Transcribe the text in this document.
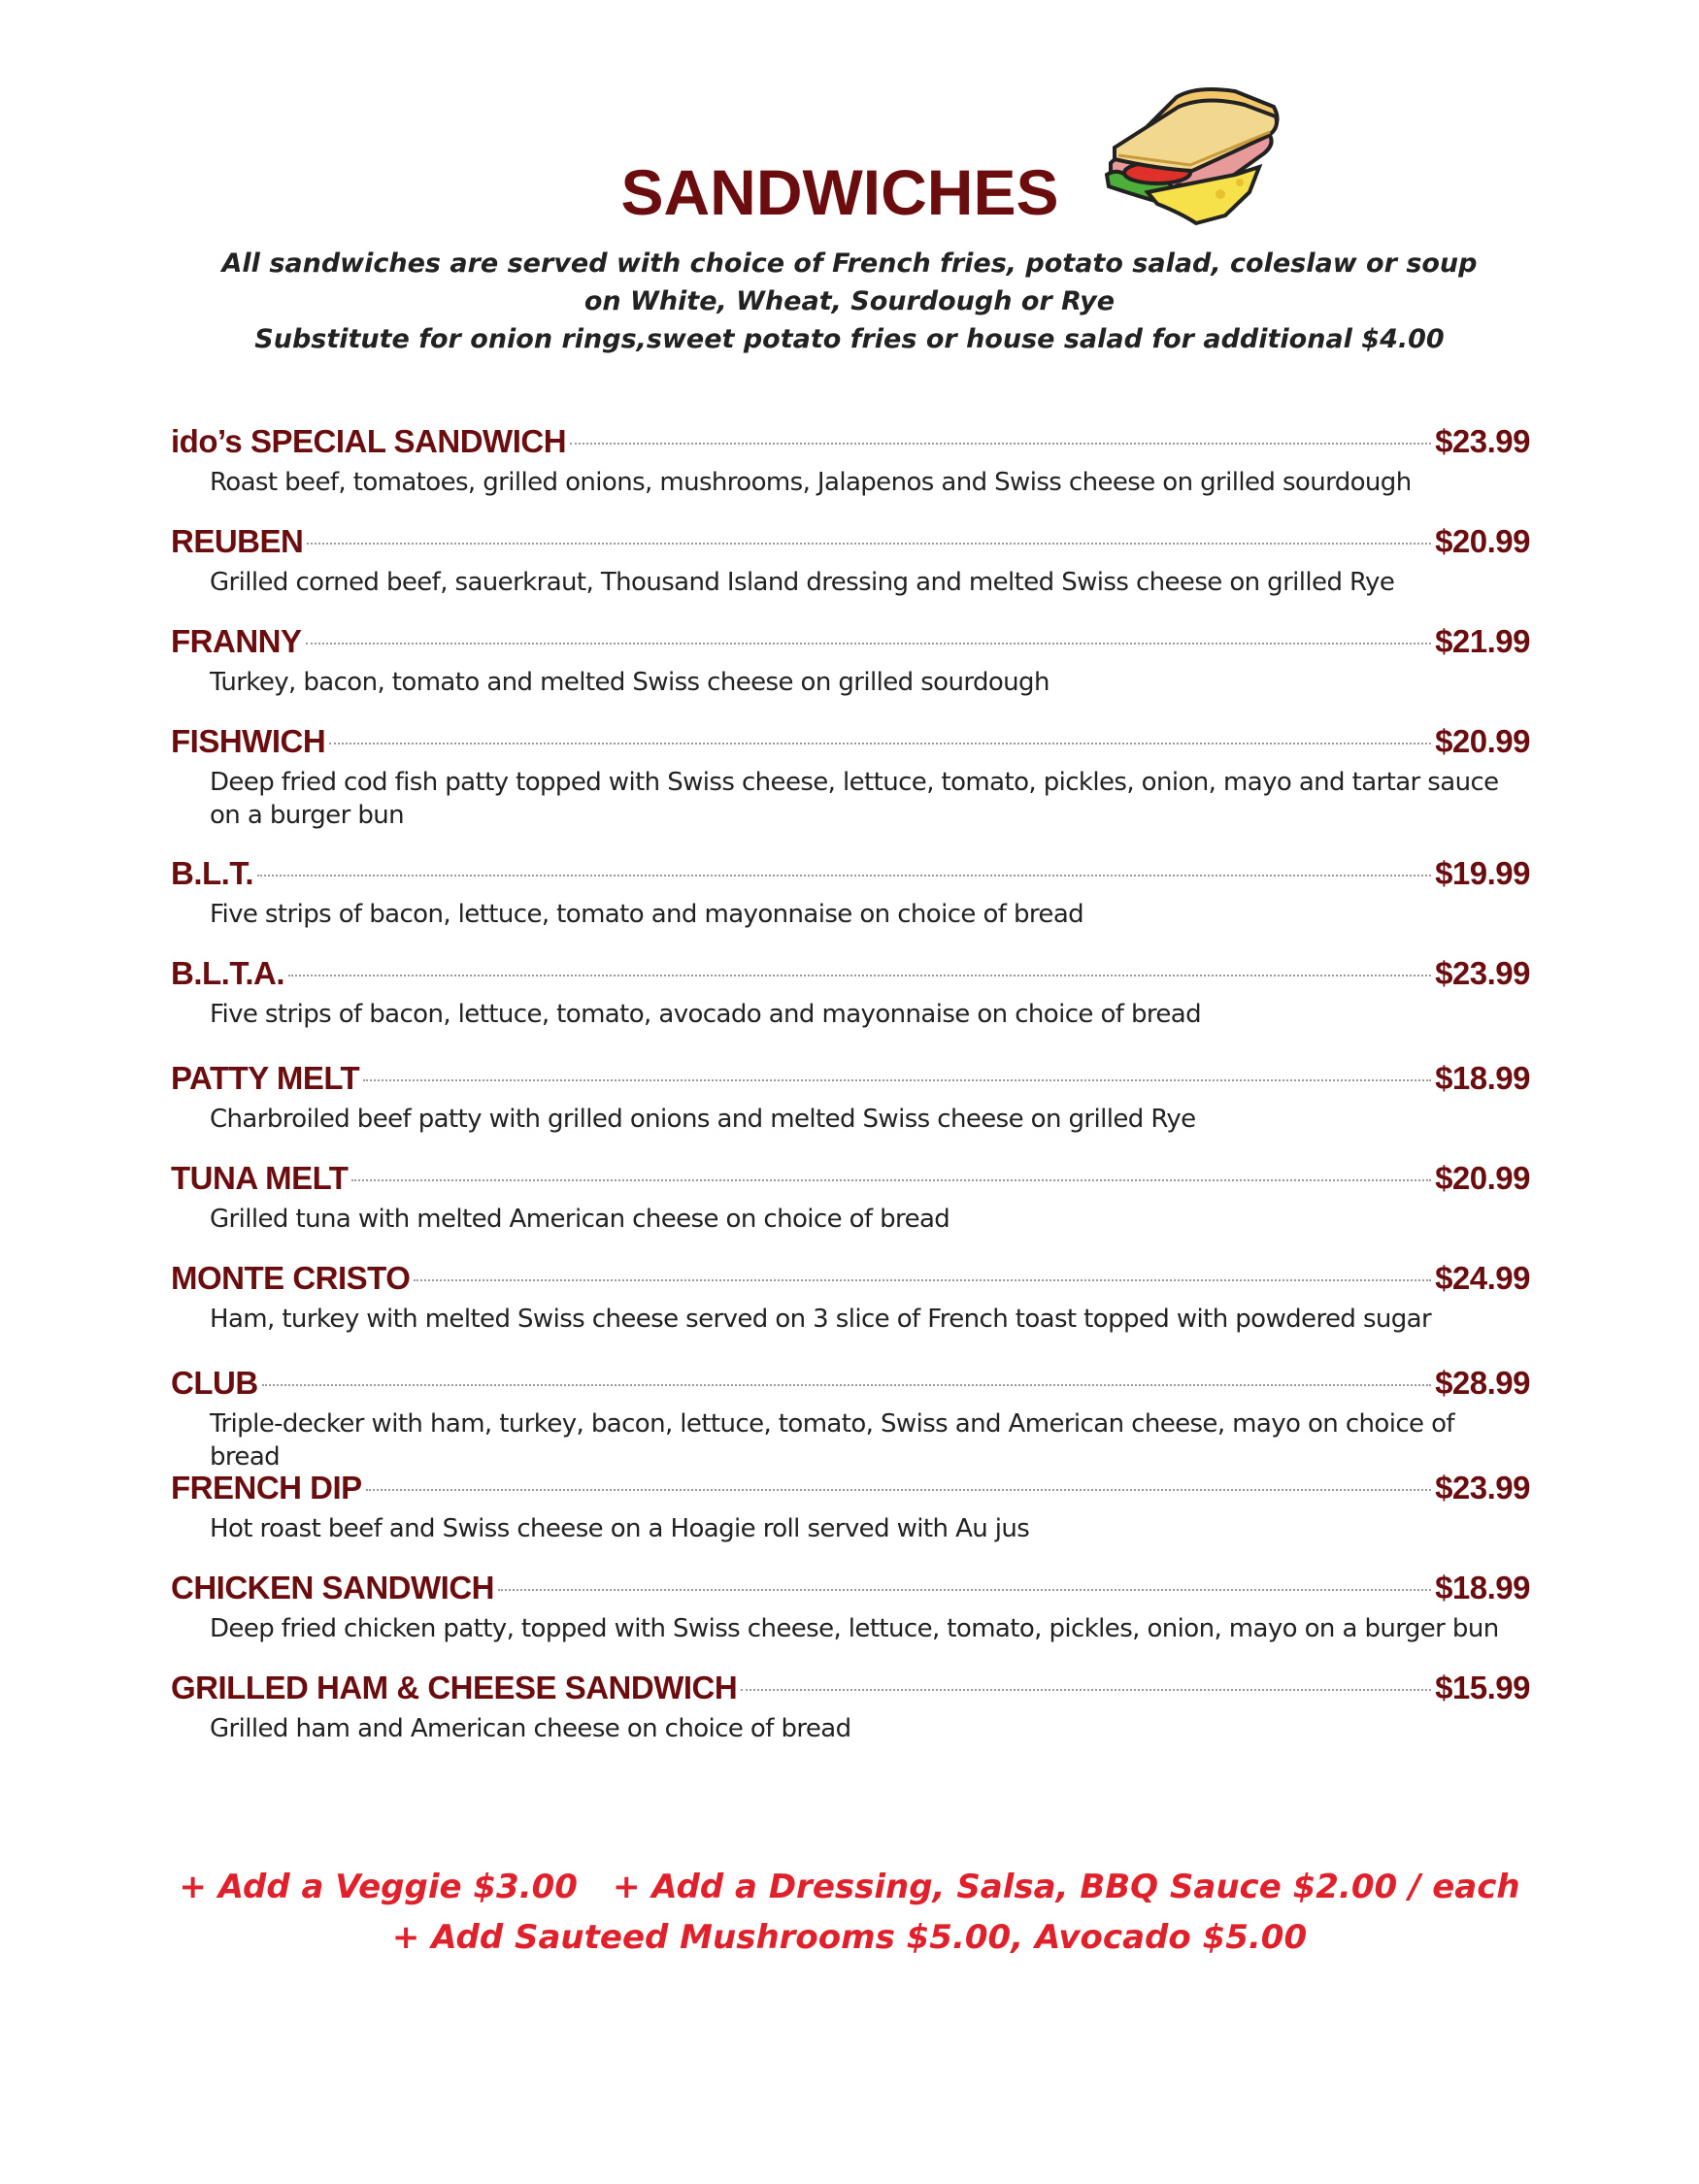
SANDWICHES
All sandwiches are served with choice of French fries, potato salad, coleslaw or soup
on White, Wheat, Sourdough or Rye
Substitute for onion rings,sweet potato fries or house salad for additional $4.00
ido’s SPECIAL SANDWICH	$23.99
Roast beef, tomatoes, grilled onions, mushrooms, Jalapenos and Swiss cheese on grilled sourdough
REUBEN	$20.99
Grilled corned beef, sauerkraut, Thousand Island dressing and melted Swiss cheese on grilled Rye
FRANNY	$21.99
Turkey, bacon, tomato and melted Swiss cheese on grilled sourdough
FISHWICH	$20.99
Deep fried cod fish patty topped with Swiss cheese, lettuce, tomato, pickles, onion, mayo and tartar sauce on a burger bun
B.L.T.	$19.99
Five strips of bacon, lettuce, tomato and mayonnaise on choice of bread
B.L.T.A.	$23.99
Five strips of bacon, lettuce, tomato, avocado and mayonnaise on choice of bread
PATTY MELT	$18.99
Charbroiled beef patty with grilled onions and melted Swiss cheese on grilled Rye
TUNA MELT	$20.99
Grilled tuna with melted American cheese on choice of bread
MONTE CRISTO	$24.99
Ham, turkey with melted Swiss cheese served on 3 slice of French toast topped with powdered sugar
CLUB	$28.99
Triple-decker with ham, turkey, bacon, lettuce, tomato, Swiss and American cheese, mayo on choice of bread
FRENCH DIP	$23.99
Hot roast beef and Swiss cheese on a Hoagie roll served with Au jus
CHICKEN SANDWICH	$18.99
Deep fried chicken patty, topped with Swiss cheese, lettuce, tomato, pickles, onion, mayo on a burger bun
GRILLED HAM & CHEESE SANDWICH	$15.99
Grilled ham and American cheese on choice of bread
+ Add a Veggie $3.00 + Add a Dressing, Salsa, BBQ Sauce $2.00 / each
+ Add Sauteed Mushrooms $5.00, Avocado $5.00
